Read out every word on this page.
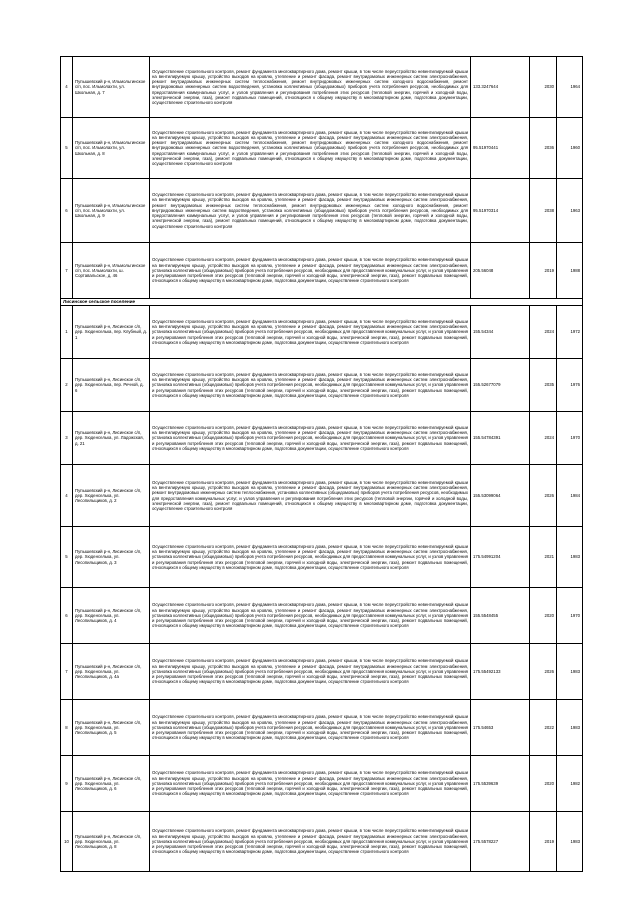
4	Пупышевский р-н, Ильмольгинское с/п, пос. Ильмолахти, ул. Школьная, д. 7	Осуществление строительного контроля, ремонт фундамента многоквартирного дома, ремонт крыши, в том числе переустройство невентилируемой крыши на вентилируемую крышу, устройство выходов на кровлю, утепление и ремонт фасада, ремонт внутридомовых инженерных систем электроснабжения, ремонт внутридомовых инженерных систем теплоснабжения, ремонт внутридомовых инженерных систем холодного водоснабжения, ремонт внутридомовых инженерных систем водоотведения, установка коллективных (общедомовых) приборов учета потребления ресурсов, необходимых для предоставления коммунальных услуг, и узлов управления и регулирования потребления этих ресурсов (тепловой энергии, горячей и холодной воды, электрической энергии, газа), ремонт подвальных помещений, относящихся к общему имуществу в многоквартирном доме, подготовка документации, осуществление строительного контроля	133.3247644	2030	1964
5	Пупышевский р-н, Ильмольгинское с/п, пос. Ильмолахти, ул. Школьная, д. 8	Осуществление строительного контроля, ремонт фундамента многоквартирного дома, ремонт крыши, в том числе переустройство невентилируемой крыши на вентилируемую крышу, устройство выходов на кровлю, утепление и ремонт фасада, ремонт внутридомовых инженерных систем электроснабжения, ремонт внутридомовых инженерных систем теплоснабжения, ремонт внутридомовых инженерных систем холодного водоснабжения, ремонт внутридомовых инженерных систем водоотведения, установка коллективных (общедомовых) приборов учета потребления ресурсов, необходимых для предоставления коммунальных услуг, и узлов управления и регулирования потребления этих ресурсов (тепловой энергии, горячей и холодной воды, электрической энергии, газа), ремонт подвальных помещений, относящихся к общему имуществу в многоквартирном доме, подготовка документации, осуществление строительного контроля	95.51970441	2036	1960
6	Пупышевский р-н, Ильмольгинское с/п, пос. Ильмолахти, ул. Школьная, д. 9	Осуществление строительного контроля, ремонт фундамента многоквартирного дома, ремонт крыши, в том числе переустройство невентилируемой крыши на вентилируемую крышу, устройство выходов на кровлю, утепление и ремонт фасада, ремонт внутридомовых инженерных систем электроснабжения, ремонт внутридомовых инженерных систем теплоснабжения, ремонт внутридомовых инженерных систем холодного водоснабжения, ремонт внутридомовых инженерных систем водоотведения, установка коллективных (общедомовых) приборов учета потребления ресурсов, необходимых для предоставления коммунальных услуг, и узлов управления и регулирования потребления этих ресурсов (тепловой энергии, горячей и холодной воды, электрической энергии, газа), ремонт подвальных помещений, относящихся к общему имуществу в многоквартирном доме, подготовка документации, осуществление строительного контроля	95.51970314	2038	1963
7	Пупышевский р-н, Ильмольгинское с/п, пос. Ильмолахти, ш. Сортавальское, д. 46	Осуществление строительного контроля, ремонт фундамента многоквартирного дома, ремонт крыши, в том числе переустройство невентилируемой крыши на вентилируемую крышу, устройство выходов на кровлю, утепление и ремонт фасада, ремонт внутридомовых инженерных систем электроснабжения, установка коллективных (общедомовых) приборов учета потребления ресурсов, необходимых для предоставления коммунальных услуг, и узлов управления и регулирования потребления этих ресурсов (тепловой энергии, горячей и холодной воды, электрической энергии, газа), ремонт подвальных помещений, относящихся к общему имуществу в многоквартирном доме, подготовка документации, осуществление строительного контроля	205.56048	2019	1988
Лисинское сельское поселение					
1	Пупышевский р-н, Лисинское с/п, дер. Хюденселька, пер. Клубный, д. 1	Осуществление строительного контроля, ремонт фундамента многоквартирного дома, ремонт крыши, в том числе переустройство невентилируемой крыши на вентилируемую крышу, устройство выходов на кровлю, утепление и ремонт фасада, ремонт внутридомовых инженерных систем электроснабжения, установка коллективных (общедомовых) приборов учета потребления ресурсов, необходимых для предоставления коммунальных услуг, и узлов управления и регулирования потребления этих ресурсов (тепловой энергии, горячей и холодной воды, электрической энергии, газа), ремонт подвальных помещений, относящихся к общему имуществу в многоквартирном доме, подготовка документации, осуществление строительного контроля	155.54344	2024	1972
2	Пупышевский р-н, Лисинское с/п, дер. Хюденселька, пер. Речной, д. 6	Осуществление строительного контроля, ремонт фундамента многоквартирного дома, ремонт крыши, в том числе переустройство невентилируемой крыши на вентилируемую крышу, устройство выходов на кровлю, утепление и ремонт фасада, ремонт внутридомовых инженерных систем электроснабжения, установка коллективных (общедомовых) приборов учета потребления ресурсов, необходимых для предоставления коммунальных услуг, и узлов управления и регулирования потребления этих ресурсов (тепловой энергии, горячей и холодной воды, электрической энергии, газа), ремонт подвальных помещений, относящихся к общему имуществу в многоквартирном доме, подготовка документации, осуществление строительного контроля	155.52677079	2035	1976
3	Пупышевский р-н, Лисинское с/п, дер. Хюденселька, ул. Ладожская, д. 21	Осуществление строительного контроля, ремонт фундамента многоквартирного дома, ремонт крыши, в том числе переустройство невентилируемой крыши на вентилируемую крышу, устройство выходов на кровлю, утепление и ремонт фасада, ремонт внутридомовых инженерных систем электроснабжения, установка коллективных (общедомовых) приборов учета потребления ресурсов, необходимых для предоставления коммунальных услуг, и узлов управления и регулирования потребления этих ресурсов (тепловой энергии, горячей и холодной воды, электрической энергии, газа), ремонт подвальных помещений, относящихся к общему имуществу в многоквартирном доме, подготовка документации, осуществление строительного контроля	155.54784391	2024	1970
4	Пупышевский р-н, Лисинское с/п, дер. Хюденселька, ул. Лесопильщиков, д. 2	Осуществление строительного контроля, ремонт фундамента многоквартирного дома, ремонт крыши, в том числе переустройство невентилируемой крыши на вентилируемую крышу, устройство выходов на кровлю, утепление и ремонт фасада, ремонт внутридомовых инженерных систем электроснабжения, ремонт внутридомовых инженерных систем теплоснабжения, установка коллективных (общедомовых) приборов учета потребления ресурсов, необходимых для предоставления коммунальных услуг, и узлов управления и регулирования потребления этих ресурсов (тепловой энергии, горячей и холодной воды, электрической энергии, газа), ремонт подвальных помещений, относящихся к общему имуществу в многоквартирном доме, подготовка документации, осуществление строительного контроля	155.53099064	2026	1984
5	Пупышевский р-н, Лисинское с/п, дер. Хюденселька, ул. Лесопильщиков, д. 3	Осуществление строительного контроля, ремонт фундамента многоквартирного дома, ремонт крыши, в том числе переустройство невентилируемой крыши на вентилируемую крышу, устройство выходов на кровлю, утепление и ремонт фасада, ремонт внутридомовых инженерных систем электроснабжения, установка коллективных (общедомовых) приборов учета потребления ресурсов, необходимых для предоставления коммунальных услуг, и узлов управления и регулирования потребления этих ресурсов (тепловой энергии, горячей и холодной воды, электрической энергии, газа), ремонт подвальных помещений, относящихся к общему имуществу в многоквартирном доме, подготовка документации, осуществление строительного контроля	175.54991204	2021	1983
6	Пупышевский р-н, Лисинское с/п, дер. Хюденселька, ул. Лесопильщиков, д. 4	Осуществление строительного контроля, ремонт фундамента многоквартирного дома, ремонт крыши, в том числе переустройство невентилируемой крыши на вентилируемую крышу, устройство выходов на кровлю, утепление и ремонт фасада, ремонт внутридомовых инженерных систем электроснабжения, установка коллективных (общедомовых) приборов учета потребления ресурсов, необходимых для предоставления коммунальных услуг, и узлов управления и регулирования потребления этих ресурсов (тепловой энергии, горячей и холодной воды, электрической энергии, газа), ремонт подвальных помещений, относящихся к общему имуществу в многоквартирном доме, подготовка документации, осуществление строительного контроля	155.5548455	2020	1970
7	Пупышевский р-н, Лисинское с/п, дер. Хюденселька, ул. Лесопильщиков, д. 4а	Осуществление строительного контроля, ремонт фундамента многоквартирного дома, ремонт крыши, в том числе переустройство невентилируемой крыши на вентилируемую крышу, устройство выходов на кровлю, утепление и ремонт фасада, ремонт внутридомовых инженерных систем электроснабжения, установка коллективных (общедомовых) приборов учета потребления ресурсов, необходимых для предоставления коммунальных услуг, и узлов управления и регулирования потребления этих ресурсов (тепловой энергии, горячей и холодной воды, электрической энергии, газа), ремонт подвальных помещений, относящихся к общему имуществу в многоквартирном доме, подготовка документации, осуществление строительного контроля	175.55492133	2026	1983
8	Пупышевский р-н, Лисинское с/п, дер. Хюденселька, ул. Лесопильщиков, д. 5	Осуществление строительного контроля, ремонт фундамента многоквартирного дома, ремонт крыши, в том числе переустройство невентилируемой крыши на вентилируемую крышу, устройство выходов на кровлю, утепление и ремонт фасада, ремонт внутридомовых инженерных систем электроснабжения, установка коллективных (общедомовых) приборов учета потребления ресурсов, необходимых для предоставления коммунальных услуг, и узлов управления и регулирования потребления этих ресурсов (тепловой энергии, горячей и холодной воды, электрической энергии, газа), ремонт подвальных помещений, относящихся к общему имуществу в многоквартирном доме, подготовка документации, осуществление строительного контроля	175.54653	2022	1983
9	Пупышевский р-н, Лисинское с/п, дер. Хюденселька, ул. Лесопильщиков, д. 6	Осуществление строительного контроля, ремонт фундамента многоквартирного дома, ремонт крыши, в том числе переустройство невентилируемой крыши на вентилируемую крышу, устройство выходов на кровлю, утепление и ремонт фасада, ремонт внутридомовых инженерных систем электроснабжения, установка коллективных (общедомовых) приборов учета потребления ресурсов, необходимых для предоставления коммунальных услуг, и узлов управления и регулирования потребления этих ресурсов (тепловой энергии, горячей и холодной воды, электрической энергии, газа), ремонт подвальных помещений, относящихся к общему имуществу в многоквартирном доме, подготовка документации, осуществление строительного контроля	175.5539639	2020	1982
10	Пупышевский р-н, Лисинское с/п, дер. Хюденселька, ул. Лесопильщиков, д. 8	Осуществление строительного контроля, ремонт фундамента многоквартирного дома, ремонт крыши, в том числе переустройство невентилируемой крыши на вентилируемую крышу, устройство выходов на кровлю, утепление и ремонт фасада, ремонт внутридомовых инженерных систем электроснабжения, установка коллективных (общедомовых) приборов учета потребления ресурсов, необходимых для предоставления коммунальных услуг, и узлов управления и регулирования потребления этих ресурсов (тепловой энергии, горячей и холодной воды, электрической энергии, газа), ремонт подвальных помещений, относящихся к общему имуществу в многоквартирном доме, подготовка документации, осуществление строительного контроля	175.5578227	2019	1983
